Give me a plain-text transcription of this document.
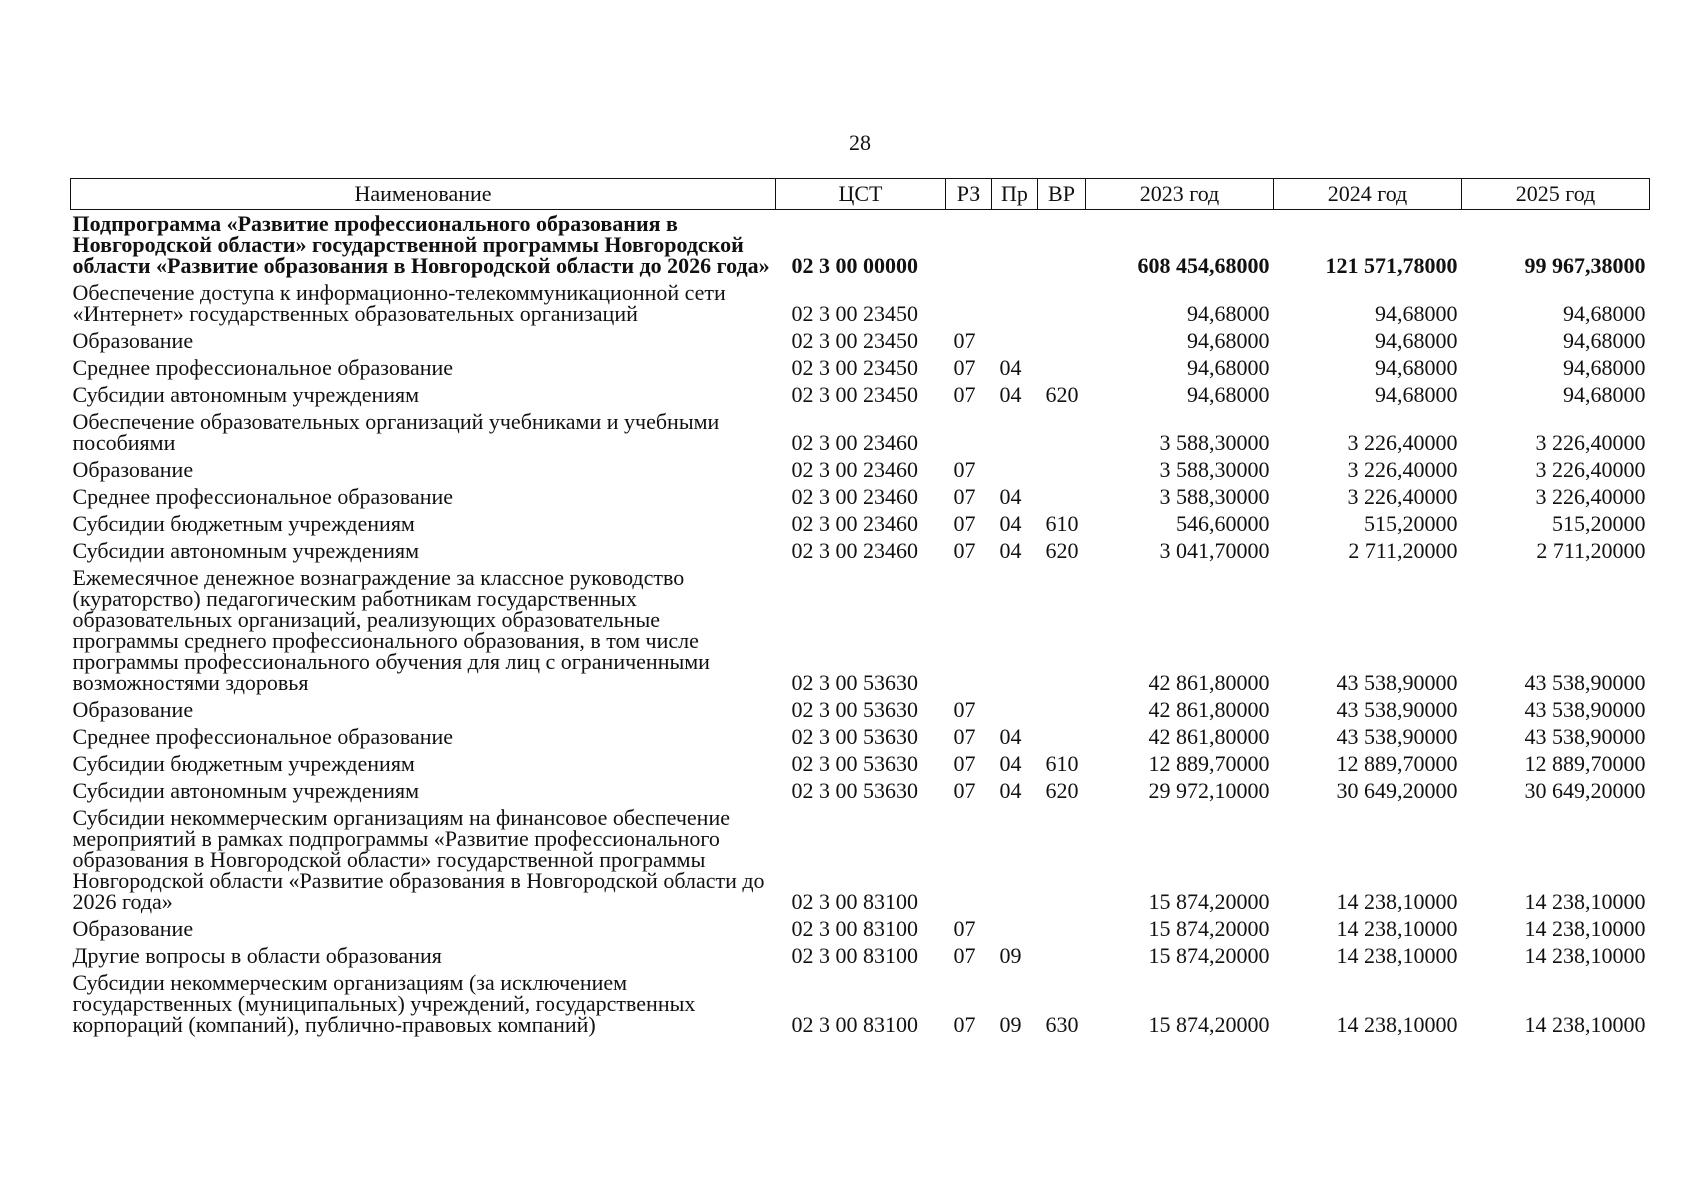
28
Наименование	ЦСТ	РЗ	Пр	ВР	2023 год	2024 год	2025 год
Подпрограмма «Развитие профессионального образования в Новгородской области» государственной программы Новгородской области «Развитие образования в Новгородской области до 2026 года»	02 3 00 00000				608 454,68000	121 571,78000	99 967,38000
Обеспечение доступа к информационно-телекоммуникационной сети «Интернет» государственных образовательных организаций	02 3 00 23450				94,68000	94,68000	94,68000
Образование	02 3 00 23450	07			94,68000	94,68000	94,68000
Среднее профессиональное образование	02 3 00 23450	07	04		94,68000	94,68000	94,68000
Субсидии автономным учреждениям	02 3 00 23450	07	04	620	94,68000	94,68000	94,68000
Обеспечение образовательных организаций учебниками и учебными пособиями	02 3 00 23460				3 588,30000	3 226,40000	3 226,40000
Образование	02 3 00 23460	07			3 588,30000	3 226,40000	3 226,40000
Среднее профессиональное образование	02 3 00 23460	07	04		3 588,30000	3 226,40000	3 226,40000
Субсидии бюджетным учреждениям	02 3 00 23460	07	04	610	546,60000	515,20000	515,20000
Субсидии автономным учреждениям	02 3 00 23460	07	04	620	3 041,70000	2 711,20000	2 711,20000
Ежемесячное денежное вознаграждение за классное руководство (кураторство) педагогическим работникам государственных образовательных организаций, реализующих образовательные программы среднего профессионального образования, в том числе программы профессионального обучения для лиц с ограниченными возможностями здоровья	02 3 00 53630				42 861,80000	43 538,90000	43 538,90000
Образование	02 3 00 53630	07			42 861,80000	43 538,90000	43 538,90000
Среднее профессиональное образование	02 3 00 53630	07	04		42 861,80000	43 538,90000	43 538,90000
Субсидии бюджетным учреждениям	02 3 00 53630	07	04	610	12 889,70000	12 889,70000	12 889,70000
Субсидии автономным учреждениям	02 3 00 53630	07	04	620	29 972,10000	30 649,20000	30 649,20000
Субсидии некоммерческим организациям на финансовое обеспечение мероприятий в рамках подпрограммы «Развитие профессионального образования в Новгородской области» государственной программы Новгородской области «Развитие образования в Новгородской области до 2026 года»	02 3 00 83100				15 874,20000	14 238,10000	14 238,10000
Образование	02 3 00 83100	07			15 874,20000	14 238,10000	14 238,10000
Другие вопросы в области образования	02 3 00 83100	07	09		15 874,20000	14 238,10000	14 238,10000
Субсидии некоммерческим организациям (за исключением государственных (муниципальных) учреждений, государственных корпораций (компаний), публично-правовых компаний)	02 3 00 83100	07	09	630	15 874,20000	14 238,10000	14 238,10000
